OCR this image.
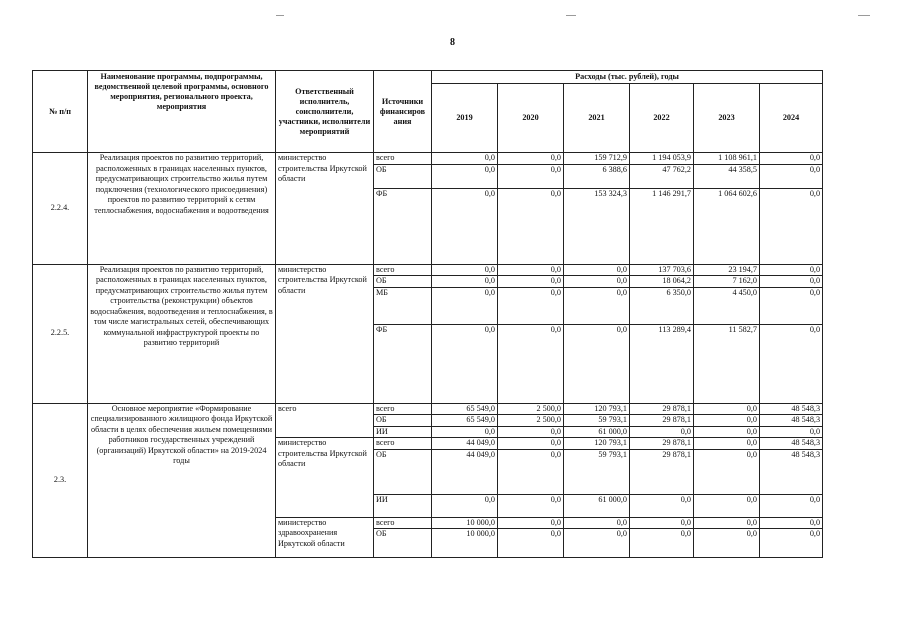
8
№ п/п	Наименование программы, подпрограммы, ведомственной целевой программы, основного мероприятия, регионального проекта, мероприятия	Ответственный исполнитель, соисполнители, участники, исполнители мероприятий	Источники финансиров ания	Расходы (тыс. рублей), годы					
				2019	2020	2021	2022	2023	2024
2.2.4.	Реализация проектов по развитию территорий, расположенных в границах населенных пунктов, предусматривающих строительство жилья путем подключения (технологического присоединения) проектов по развитию территорий к сетям теплоснабжения, водоснабжения и водоотведения	министерство строительства Иркутской области	всего	0,0	0,0	159 712,9	1 194 053,9	1 108 961,1	0,0
			ОБ	0,0	0,0	6 388,6	47 762,2	44 358,5	0,0
			ФБ	0,0	0,0	153 324,3	1 146 291,7	1 064 602,6	0,0
2.2.5.	Реализация проектов по развитию территорий, расположенных в границах населенных пунктов, предусматривающих строительство жилья путем строительства (реконструкции) объектов водоснабжения, водоотведения и теплоснабжения, в том числе магистральных сетей, обеспечивающих коммунальной инфраструктурой проекты по развитию территорий	министерство строительства Иркутской области	всего	0,0	0,0	0,0	137 703,6	23 194,7	0,0
			ОБ	0,0	0,0	0,0	18 064,2	7 162,0	0,0
			МБ	0,0	0,0	0,0	6 350,0	4 450,0	0,0
			ФБ	0,0	0,0	0,0	113 289,4	11 582,7	0,0
2.3.	Основное мероприятие «Формирование специализированного жилищного фонда Иркутской области в целях обеспечения жильем помещениями работников государственных учреждений (организаций) Иркутской области» на 2019-2024 годы	всего	всего	65 549,0	2 500,0	120 793,1	29 878,1	0,0	48 548,3
			ОБ	65 549,0	2 500,0	59 793,1	29 878,1	0,0	48 548,3
			ИИ	0,0	0,0	61 000,0	0,0	0,0	0,0
		министерство строительства Иркутской области	всего	44 049,0	0,0	120 793,1	29 878,1	0,0	48 548,3
			ОБ	44 049,0	0,0	59 793,1	29 878,1	0,0	48 548,3
			ИИ	0,0	0,0	61 000,0	0,0	0,0	0,0
		министерство здравоохранения Иркутской области	всего	10 000,0	0,0	0,0	0,0	0,0	0,0
			ОБ	10 000,0	0,0	0,0	0,0	0,0	0,0
